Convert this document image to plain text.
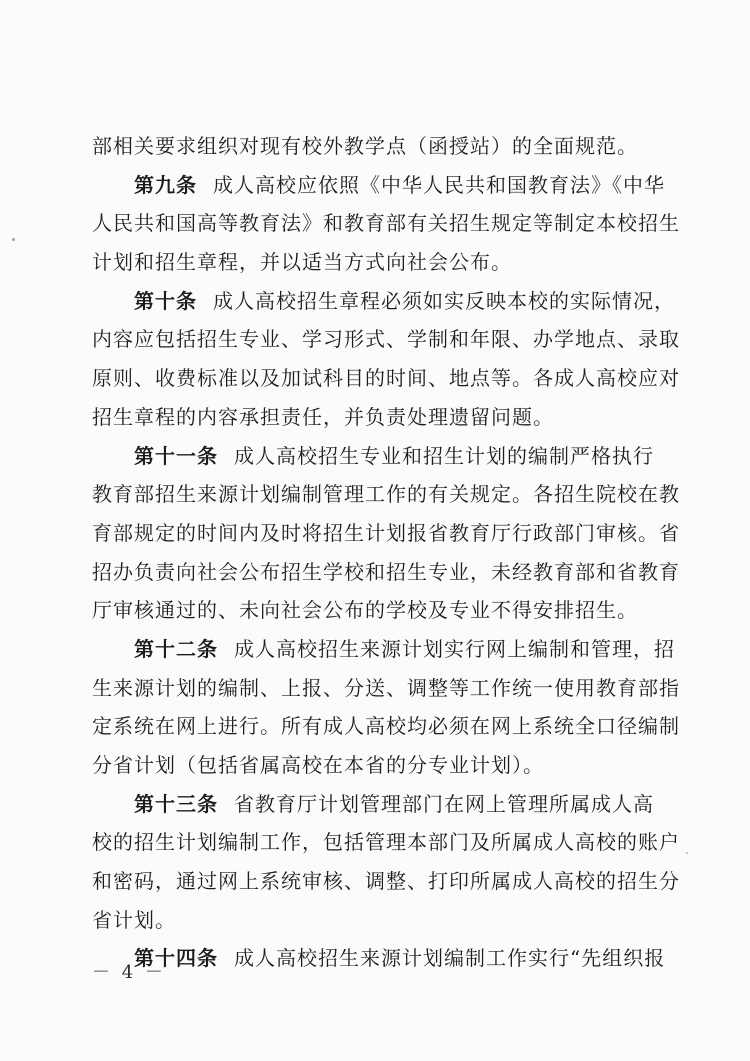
部相关要求组织对现有校外教学点（函授站）的全面规范。
第九条 成人高校应依照《中华人民共和国教育法》《中华
人民共和国高等教育法》和教育部有关招生规定等制定本校招生
计划和招生章程，并以适当方式向社会公布。
第十条 成人高校招生章程必须如实反映本校的实际情况，
内容应包括招生专业、学习形式、学制和年限、办学地点、录取
原则、收费标准以及加试科目的时间、地点等。各成人高校应对
招生章程的内容承担责任，并负责处理遗留问题。
第十一条 成人高校招生专业和招生计划的编制严格执行
教育部招生来源计划编制管理工作的有关规定。各招生院校在教
育部规定的时间内及时将招生计划报省教育厅行政部门审核。省
招办负责向社会公布招生学校和招生专业，未经教育部和省教育
厅审核通过的、未向社会公布的学校及专业不得安排招生。
第十二条 成人高校招生来源计划实行网上编制和管理，招
生来源计划的编制、上报、分送、调整等工作统一使用教育部指
定系统在网上进行。所有成人高校均必须在网上系统全口径编制
分省计划（包括省属高校在本省的分专业计划）。
第十三条 省教育厅计划管理部门在网上管理所属成人高
校的招生计划编制工作，包括管理本部门及所属成人高校的账户
和密码，通过网上系统审核、调整、打印所属成人高校的招生分
省计划。
第十四条 成人高校招生来源计划编制工作实行“先组织报
－ 4 －
